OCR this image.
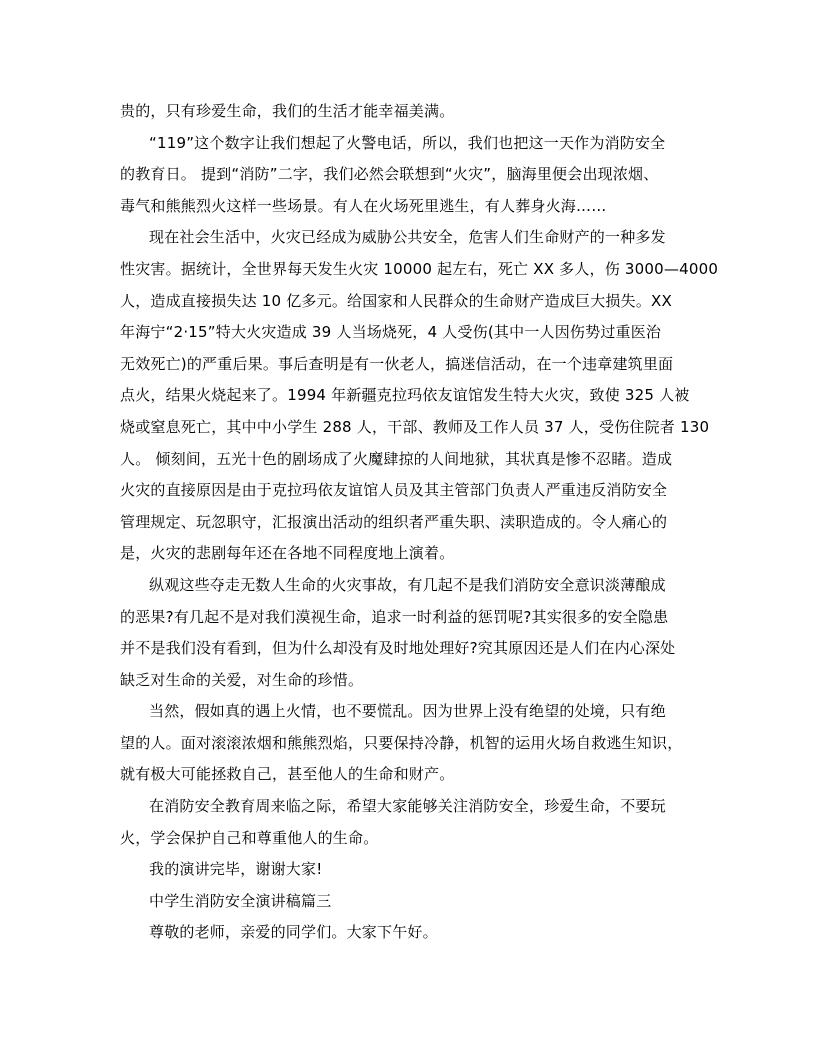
贵的，只有珍爱生命，我们的生活才能幸福美满。
“119”这个数字让我们想起了火警电话，所以，我们也把这一天作为消防安全
的教育日。 提到“消防”二字，我们必然会联想到“火灾”，脑海里便会出现浓烟、
毒气和熊熊烈火这样一些场景。有人在火场死里逃生，有人葬身火海……
现在社会生活中，火灾已经成为威胁公共安全，危害人们生命财产的一种多发
性灾害。据统计，全世界每天发生火灾 10000 起左右，死亡 XX 多人，伤 3000—4000
人，造成直接损失达 10 亿多元。给国家和人民群众的生命财产造成巨大损失。XX
年海宁“2·15”特大火灾造成 39 人当场烧死，4 人受伤(其中一人因伤势过重医治
无效死亡)的严重后果。事后查明是有一伙老人，搞迷信活动，在一个违章建筑里面
点火，结果火烧起来了。1994 年新疆克拉玛依友谊馆发生特大火灾，致使 325 人被
烧或窒息死亡，其中中小学生 288 人，干部、教师及工作人员 37 人，受伤住院者 130
人。 倾刻间，五光十色的剧场成了火魔肆掠的人间地狱，其状真是惨不忍睹。造成
火灾的直接原因是由于克拉玛依友谊馆人员及其主管部门负责人严重违反消防安全
管理规定、玩忽职守，汇报演出活动的组织者严重失职、渎职造成的。令人痛心的
是，火灾的悲剧每年还在各地不同程度地上演着。
纵观这些夺走无数人生命的火灾事故，有几起不是我们消防安全意识淡薄酿成
的恶果?有几起不是对我们漠视生命，追求一时利益的惩罚呢?其实很多的安全隐患
并不是我们没有看到，但为什么却没有及时地处理好?究其原因还是人们在内心深处
缺乏对生命的关爱，对生命的珍惜。
当然，假如真的遇上火情，也不要慌乱。因为世界上没有绝望的处境，只有绝
望的人。面对滚滚浓烟和熊熊烈焰，只要保持冷静，机智的运用火场自救逃生知识，
就有极大可能拯救自己，甚至他人的生命和财产。
在消防安全教育周来临之际，希望大家能够关注消防安全，珍爱生命，不要玩
火，学会保护自己和尊重他人的生命。
我的演讲完毕，谢谢大家!
中学生消防安全演讲稿篇三
尊敬的老师，亲爱的同学们。大家下午好。
